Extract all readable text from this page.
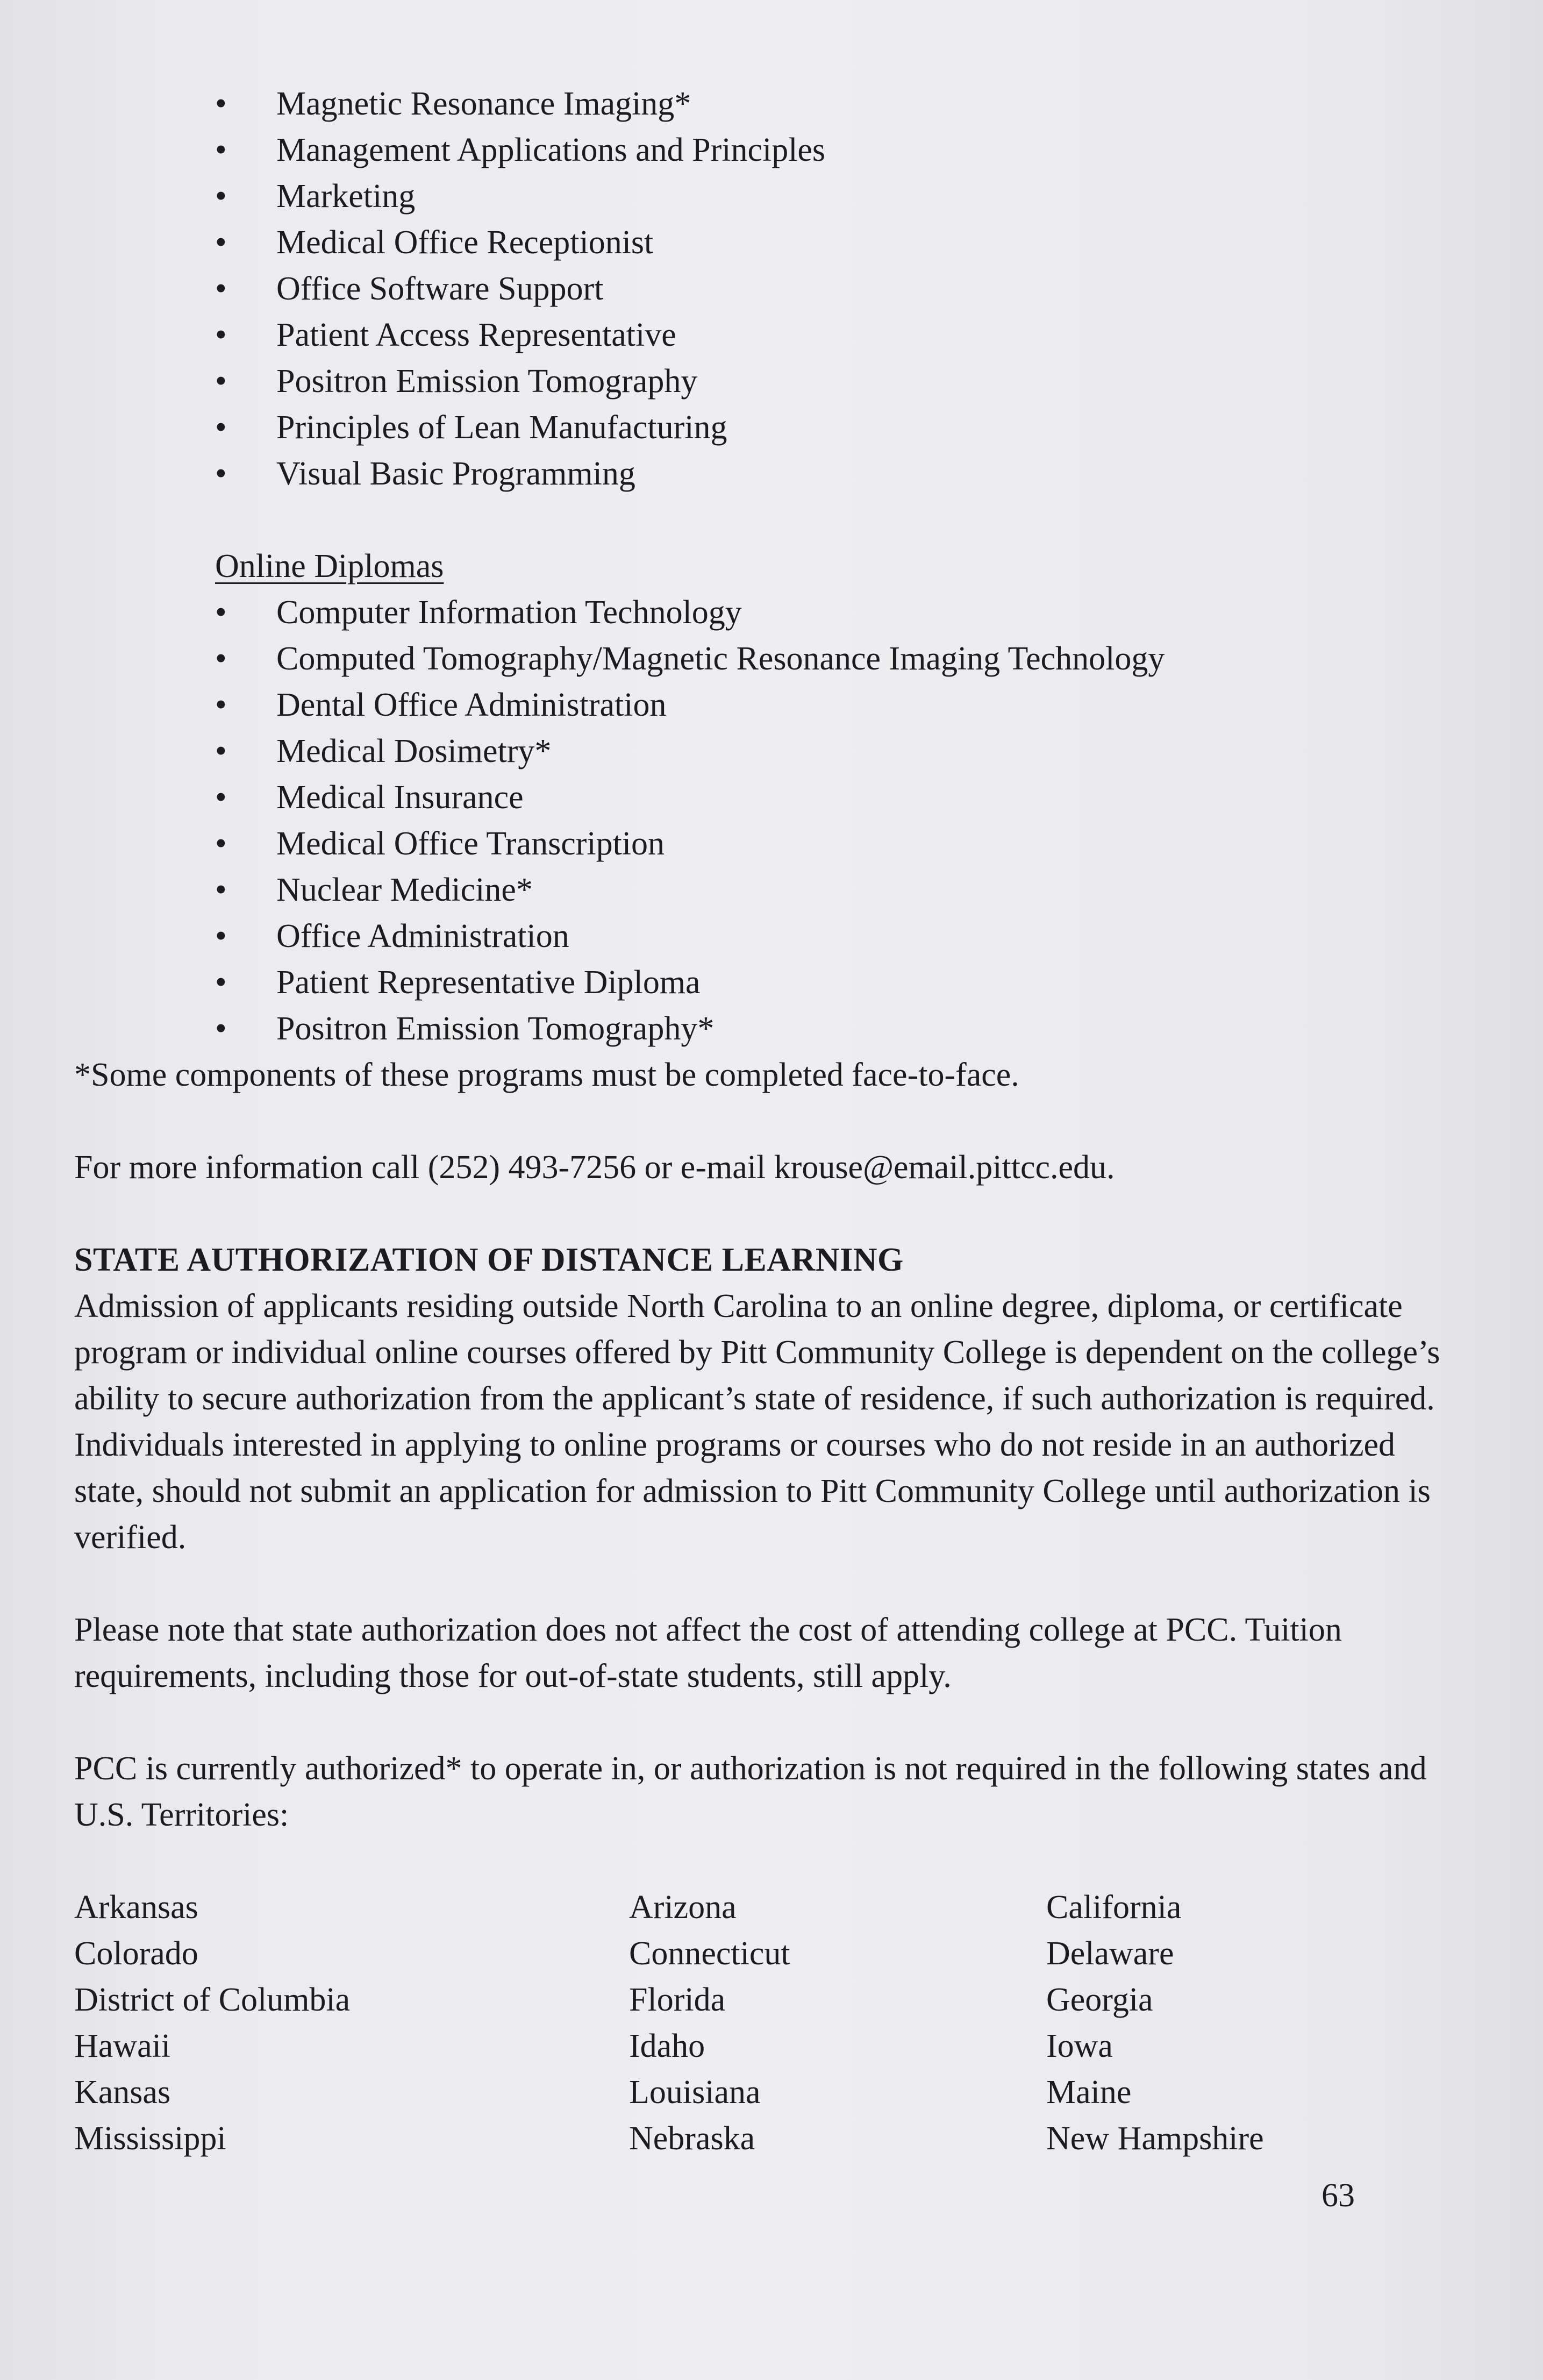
• Magnetic Resonance Imaging*
• Management Applications and Principles
• Marketing
• Medical Office Receptionist
• Office Software Support
• Patient Access Representative
• Positron Emission Tomography
• Principles of Lean Manufacturing
• Visual Basic Programming
Online Diplomas
• Computer Information Technology
• Computed Tomography/Magnetic Resonance Imaging Technology
• Dental Office Administration
• Medical Dosimetry*
• Medical Insurance
• Medical Office Transcription
• Nuclear Medicine*
• Office Administration
• Patient Representative Diploma
• Positron Emission Tomography*

*Some components of these programs must be completed face-to-face.

For more information call (252) 493-7256 or e-mail krouse@email.pittcc.edu.

STATE AUTHORIZATION OF DISTANCE LEARNING

Admission of applicants residing outside North Carolina to an online degree, diploma, or certificate program or individual online courses offered by Pitt Community College is dependent on the college’s ability to secure authorization from the applicant’s state of residence, if such authorization is required. Individuals interested in applying to online programs or courses who do not reside in an authorized state, should not submit an application for admission to Pitt Community College until authorization is verified.

Please note that state authorization does not affect the cost of attending college at PCC. Tuition requirements, including those for out-of-state students, still apply.

PCC is currently authorized* to operate in, or authorization is not required in the following states and U.S. Territories:

Arkansas	Arizona	California
Colorado	Connecticut	Delaware
District of Columbia	Florida	Georgia
Hawaii	Idaho	Iowa
Kansas	Louisiana	Maine
Mississippi	Nebraska	New Hampshire
63
